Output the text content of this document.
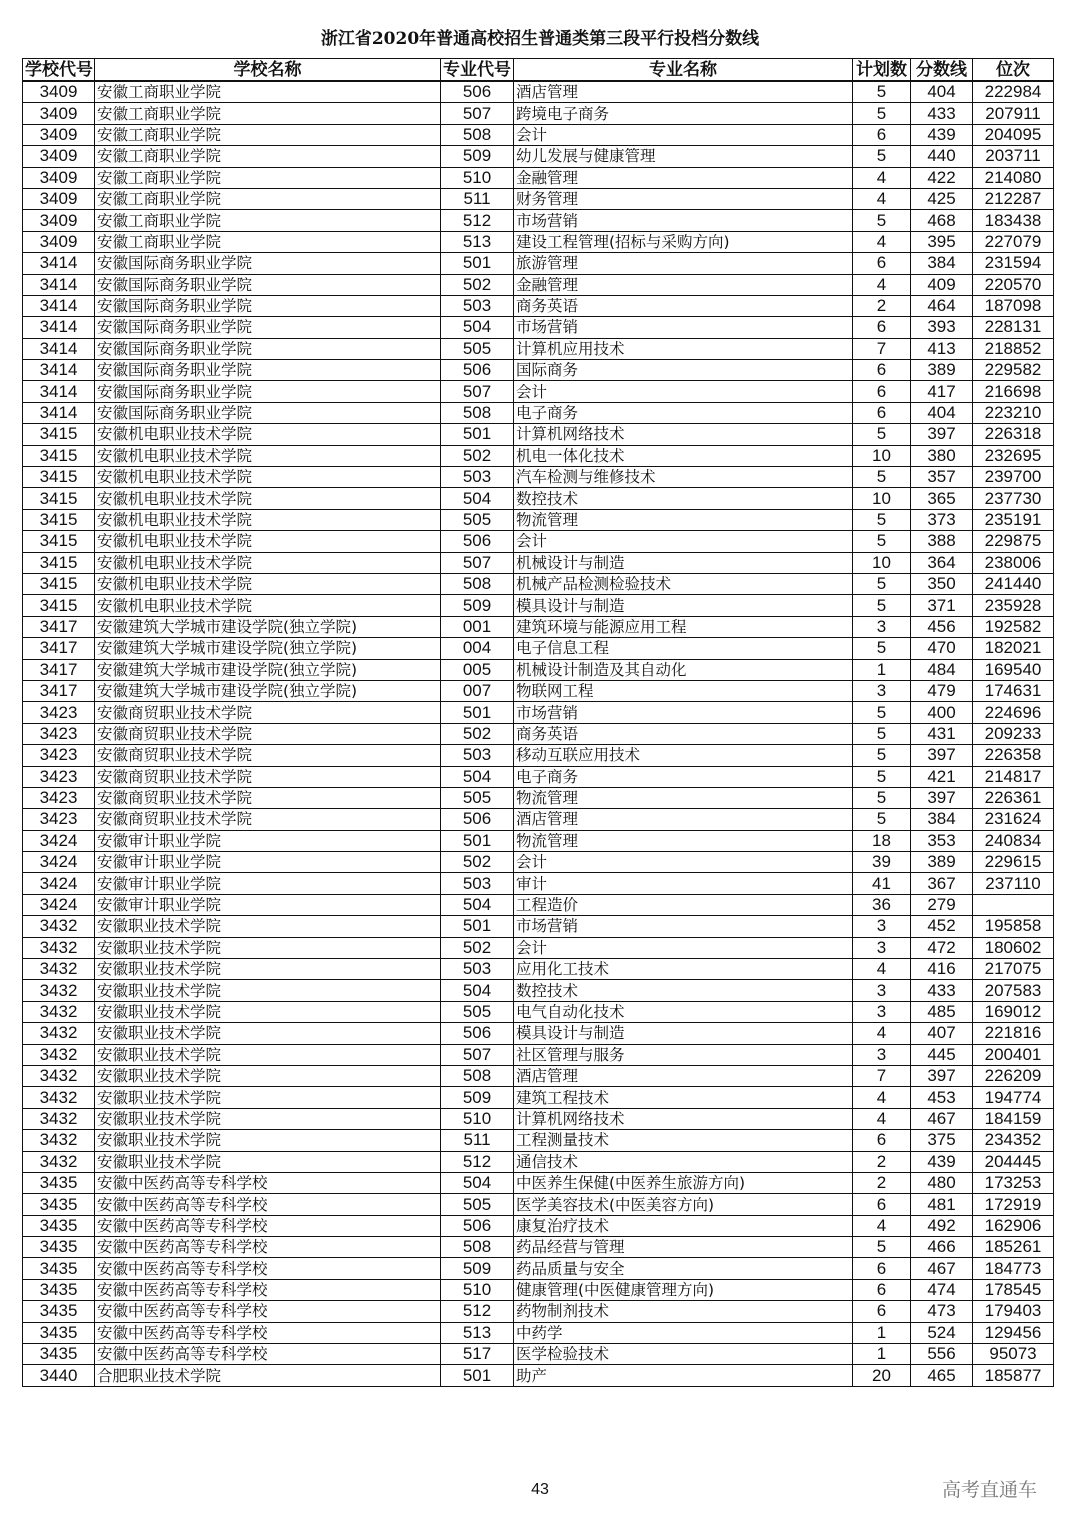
浙江省2020年普通高校招生普通类第三段平行投档分数线
学校代号	学校名称	专业代号	专业名称	计划数	分数线	位次
3409	安徽工商职业学院	506	酒店管理	5	404	222984
3409	安徽工商职业学院	507	跨境电子商务	5	433	207911
3409	安徽工商职业学院	508	会计	6	439	204095
3409	安徽工商职业学院	509	幼儿发展与健康管理	5	440	203711
3409	安徽工商职业学院	510	金融管理	4	422	214080
3409	安徽工商职业学院	511	财务管理	4	425	212287
3409	安徽工商职业学院	512	市场营销	5	468	183438
3409	安徽工商职业学院	513	建设工程管理(招标与采购方向)	4	395	227079
3414	安徽国际商务职业学院	501	旅游管理	6	384	231594
3414	安徽国际商务职业学院	502	金融管理	4	409	220570
3414	安徽国际商务职业学院	503	商务英语	2	464	187098
3414	安徽国际商务职业学院	504	市场营销	6	393	228131
3414	安徽国际商务职业学院	505	计算机应用技术	7	413	218852
3414	安徽国际商务职业学院	506	国际商务	6	389	229582
3414	安徽国际商务职业学院	507	会计	6	417	216698
3414	安徽国际商务职业学院	508	电子商务	6	404	223210
3415	安徽机电职业技术学院	501	计算机网络技术	5	397	226318
3415	安徽机电职业技术学院	502	机电一体化技术	10	380	232695
3415	安徽机电职业技术学院	503	汽车检测与维修技术	5	357	239700
3415	安徽机电职业技术学院	504	数控技术	10	365	237730
3415	安徽机电职业技术学院	505	物流管理	5	373	235191
3415	安徽机电职业技术学院	506	会计	5	388	229875
3415	安徽机电职业技术学院	507	机械设计与制造	10	364	238006
3415	安徽机电职业技术学院	508	机械产品检测检验技术	5	350	241440
3415	安徽机电职业技术学院	509	模具设计与制造	5	371	235928
3417	安徽建筑大学城市建设学院(独立学院)	001	建筑环境与能源应用工程	3	456	192582
3417	安徽建筑大学城市建设学院(独立学院)	004	电子信息工程	5	470	182021
3417	安徽建筑大学城市建设学院(独立学院)	005	机械设计制造及其自动化	1	484	169540
3417	安徽建筑大学城市建设学院(独立学院)	007	物联网工程	3	479	174631
3423	安徽商贸职业技术学院	501	市场营销	5	400	224696
3423	安徽商贸职业技术学院	502	商务英语	5	431	209233
3423	安徽商贸职业技术学院	503	移动互联应用技术	5	397	226358
3423	安徽商贸职业技术学院	504	电子商务	5	421	214817
3423	安徽商贸职业技术学院	505	物流管理	5	397	226361
3423	安徽商贸职业技术学院	506	酒店管理	5	384	231624
3424	安徽审计职业学院	501	物流管理	18	353	240834
3424	安徽审计职业学院	502	会计	39	389	229615
3424	安徽审计职业学院	503	审计	41	367	237110
3424	安徽审计职业学院	504	工程造价	36	279	
3432	安徽职业技术学院	501	市场营销	3	452	195858
3432	安徽职业技术学院	502	会计	3	472	180602
3432	安徽职业技术学院	503	应用化工技术	4	416	217075
3432	安徽职业技术学院	504	数控技术	3	433	207583
3432	安徽职业技术学院	505	电气自动化技术	3	485	169012
3432	安徽职业技术学院	506	模具设计与制造	4	407	221816
3432	安徽职业技术学院	507	社区管理与服务	3	445	200401
3432	安徽职业技术学院	508	酒店管理	7	397	226209
3432	安徽职业技术学院	509	建筑工程技术	4	453	194774
3432	安徽职业技术学院	510	计算机网络技术	4	467	184159
3432	安徽职业技术学院	511	工程测量技术	6	375	234352
3432	安徽职业技术学院	512	通信技术	2	439	204445
3435	安徽中医药高等专科学校	504	中医养生保健(中医养生旅游方向)	2	480	173253
3435	安徽中医药高等专科学校	505	医学美容技术(中医美容方向)	6	481	172919
3435	安徽中医药高等专科学校	506	康复治疗技术	4	492	162906
3435	安徽中医药高等专科学校	508	药品经营与管理	5	466	185261
3435	安徽中医药高等专科学校	509	药品质量与安全	6	467	184773
3435	安徽中医药高等专科学校	510	健康管理(中医健康管理方向)	6	474	178545
3435	安徽中医药高等专科学校	512	药物制剂技术	6	473	179403
3435	安徽中医药高等专科学校	513	中药学	1	524	129456
3435	安徽中医药高等专科学校	517	医学检验技术	1	556	95073
3440	合肥职业技术学院	501	助产	20	465	185877
43	高考直通车
